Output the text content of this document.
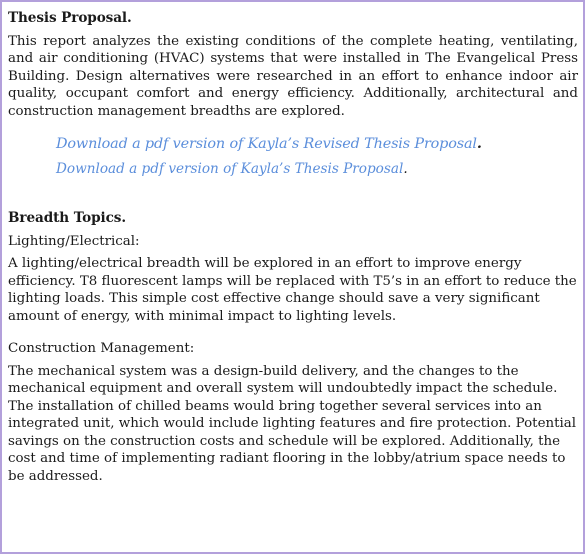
Thesis Proposal.

This report analyzes the existing conditions of the complete heating, ventilating, and air conditioning (HVAC) systems that were installed in The Evangelical Press Building. Design alternatives were researched in an effort to enhance indoor air quality, occupant comfort and energy efficiency. Additionally, architectural and construction management breadths are explored.

Download a pdf version of Kayla’s Revised Thesis Proposal.
Download a pdf version of Kayla’s Thesis Proposal.
Breadth Topics.
Lighting/Electrical:

A lighting/electrical breadth will be explored in an effort to improve energy efficiency. T8 fluorescent lamps will be replaced with T5’s in an effort to reduce the lighting loads. This simple cost effective change should save a very significant amount of energy, with minimal impact to lighting levels.

Construction Management:

The mechanical system was a design-build delivery, and the changes to the mechanical equipment and overall system will undoubtedly impact the schedule. The installation of chilled beams would bring together several services into an integrated unit, which would include lighting features and fire protection. Potential savings on the construction costs and schedule will be explored. Additionally, the cost and time of implementing radiant flooring in the lobby/atrium space needs to be addressed.
